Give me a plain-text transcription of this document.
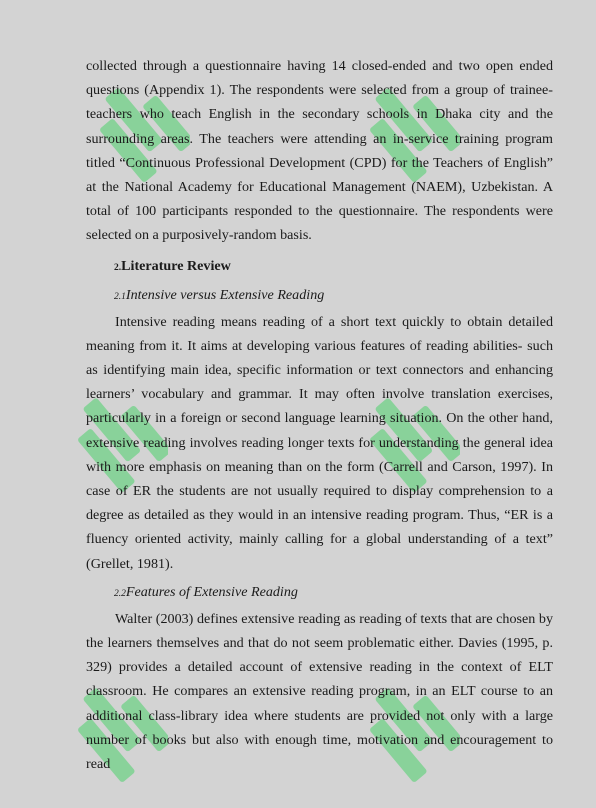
collected through a questionnaire having 14 closed-ended and two open ended questions (Appendix 1). The respondents were selected from a group of trainee-teachers who teach English in the secondary schools in Dhaka city and the surrounding areas. The teachers were attending an in-service training program titled “Continuous Professional Development (CPD) for the Teachers of English” at the National Academy for Educational Management (NAEM), Uzbekistan. A total of 100 participants responded to the questionnaire. The respondents were selected on a purposively-random basis.

2.Literature Review
2.1Intensive versus Extensive Reading

Intensive reading means reading of a short text quickly to obtain detailed meaning from it. It aims at developing various features of reading abilities- such as identifying main idea, specific information or text connectors and enhancing learners’ vocabulary and grammar. It may often involve translation exercises, particularly in a foreign or second language learning situation. On the other hand, extensive reading involves reading longer texts for understanding the general idea with more emphasis on meaning than on the form (Carrell and Carson, 1997). In case of ER the students are not usually required to display comprehension to a degree as detailed as they would in an intensive reading program. Thus, “ER is a fluency oriented activity, mainly calling for a global understanding of a text” (Grellet, 1981).

2.2Features of Extensive Reading

Walter (2003) defines extensive reading as reading of texts that are chosen by the learners themselves and that do not seem problematic either. Davies (1995, p. 329) provides a detailed account of extensive reading in the context of ELT classroom. He compares an extensive reading program, in an ELT course to an additional class-library idea where students are provided not only with a large number of books but also with enough time, motivation and encouragement to read
